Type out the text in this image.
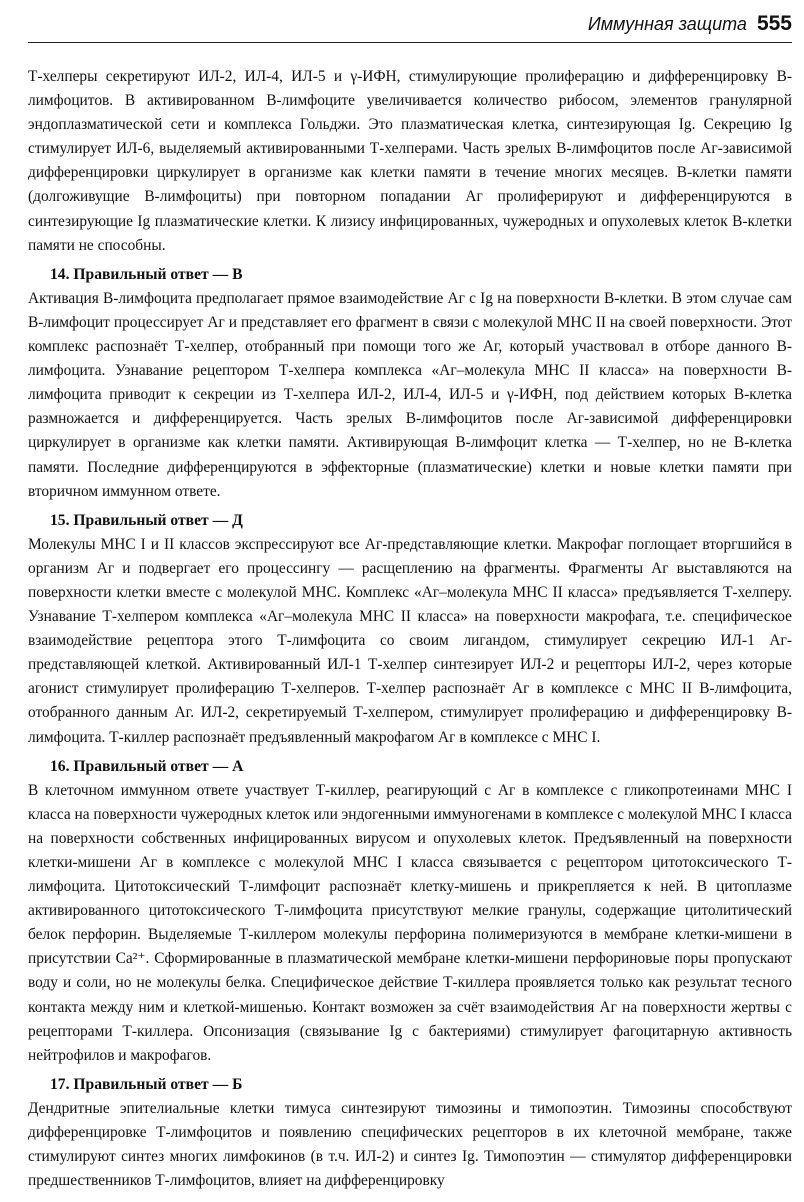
Иммунная защита 555

Т-хелперы секретируют ИЛ-2, ИЛ-4, ИЛ-5 и γ-ИФН, стимулирующие пролиферацию и дифференцировку В-лимфоцитов. В активированном В-лимфоците увеличивается количество рибосом, элементов гранулярной эндоплазматической сети и комплекса Гольджи. Это плазматическая клетка, синтезирующая Ig. Секрецию Ig стимулирует ИЛ-6, выделяемый активированными Т-хелперами. Часть зрелых В-лимфоцитов после Аг-зависимой дифференцировки циркулирует в организме как клетки памяти в течение многих месяцев. В-клетки памяти (долгоживущие В-лимфоциты) при повторном попадании Аг пролиферируют и дифференцируются в синтезирующие Ig плазматические клетки. К лизису инфицированных, чужеродных и опухолевых клеток В-клетки памяти не способны.

14. Правильный ответ — В

Активация В-лимфоцита предполагает прямое взаимодействие Аг с Ig на поверхности В-клетки. В этом случае сам В-лимфоцит процессирует Аг и представляет его фрагмент в связи с молекулой МНС II на своей поверхности. Этот комплекс распознаёт Т-хелпер, отобранный при помощи того же Аг, который участвовал в отборе данного В-лимфоцита. Узнавание рецептором Т-хелпера комплекса «Аг–молекула МНС II класса» на поверхности В-лимфоцита приводит к секреции из Т-хелпера ИЛ-2, ИЛ-4, ИЛ-5 и γ-ИФН, под действием которых В-клетка размножается и дифференцируется. Часть зрелых В-лимфоцитов после Аг-зависимой дифференцировки циркулирует в организме как клетки памяти. Активирующая В-лимфоцит клетка — Т-хелпер, но не В-клетка памяти. Последние дифференцируются в эффекторные (плазматические) клетки и новые клетки памяти при вторичном иммунном ответе.

15. Правильный ответ — Д

Молекулы МНС I и II классов экспрессируют все Аг-представляющие клетки. Макрофаг поглощает вторгшийся в организм Аг и подвергает его процессингу — расщеплению на фрагменты. Фрагменты Аг выставляются на поверхности клетки вместе с молекулой МНС. Комплекс «Аг–молекула МНС II класса» предъявляется Т-хелперу. Узнавание Т-хелпером комплекса «Аг–молекула МНС II класса» на поверхности макрофага, т.е. специфическое взаимодействие рецептора этого Т-лимфоцита со своим лигандом, стимулирует секрецию ИЛ-1 Аг-представляющей клеткой. Активированный ИЛ-1 Т-хелпер синтезирует ИЛ-2 и рецепторы ИЛ-2, через которые агонист стимулирует пролиферацию Т-хелперов. Т-хелпер распознаёт Аг в комплексе с МНС II В-лимфоцита, отобранного данным Аг. ИЛ-2, секретируемый Т-хелпером, стимулирует пролиферацию и дифференцировку В-лимфоцита. Т-киллер распознаёт предъявленный макрофагом Аг в комплексе с МНС I.

16. Правильный ответ — А

В клеточном иммунном ответе участвует Т-киллер, реагирующий с Аг в комплексе с гликопротеинами МНС I класса на поверхности чужеродных клеток или эндогенными иммуногенами в комплексе с молекулой МНС I класса на поверхности собственных инфицированных вирусом и опухолевых клеток. Предъявленный на поверхности клетки-мишени Аг в комплексе с молекулой МНС I класса связывается с рецептором цитотоксического Т-лимфоцита. Цитотоксический Т-лимфоцит распознаёт клетку-мишень и прикрепляется к ней. В цитоплазме активированного цитотоксического Т-лимфоцита присутствуют мелкие гранулы, содержащие цитолитический белок перфорин. Выделяемые Т-киллером молекулы перфорина полимеризуются в мембране клетки-мишени в присутствии Ca²⁺. Сформированные в плазматической мембране клетки-мишени перфориновые поры пропускают воду и соли, но не молекулы белка. Специфическое действие Т-киллера проявляется только как результат тесного контакта между ним и клеткой-мишенью. Контакт возможен за счёт взаимодействия Аг на поверхности жертвы с рецепторами Т-киллера. Опсонизация (связывание Ig с бактериями) стимулирует фагоцитарную активность нейтрофилов и макрофагов.

17. Правильный ответ — Б

Дендритные эпителиальные клетки тимуса синтезируют тимозины и тимопоэтин. Тимозины способствуют дифференцировке Т-лимфоцитов и появлению специфических рецепторов в их клеточной мембране, также стимулируют синтез многих лимфокинов (в т.ч. ИЛ-2) и синтез Ig. Тимопоэтин — стимулятор дифференцировки предшественников Т-лимфоцитов, влияет на дифференцировку
